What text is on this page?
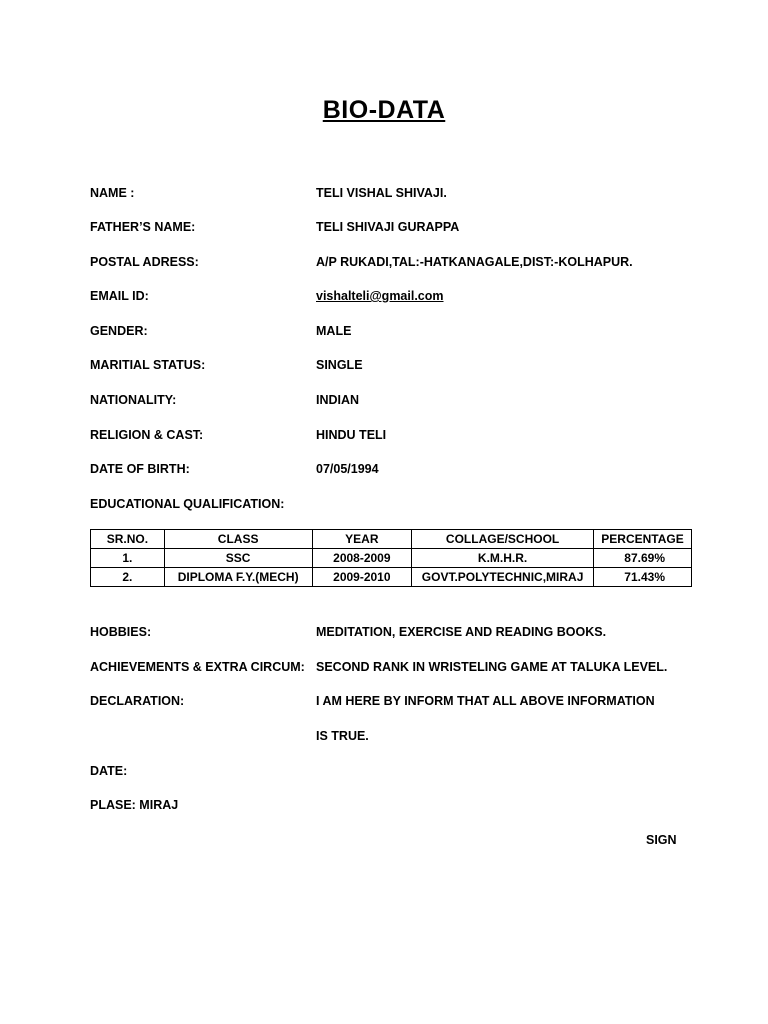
BIO-DATA
NAME :	TELI VISHAL SHIVAJI.
FATHER’S NAME:	TELI SHIVAJI GURAPPA
POSTAL ADRESS:	A/P RUKADI,TAL:-HATKANAGALE,DIST:-KOLHAPUR.
EMAIL ID:	vishalteli@gmail.com
GENDER:	MALE
MARITIAL STATUS:	SINGLE
NATIONALITY:	INDIAN
RELIGION & CAST:	HINDU TELI
DATE OF BIRTH:	07/05/1994
EDUCATIONAL QUALIFICATION:
SR.NO.	CLASS	YEAR	COLLAGE/SCHOOL	PERCENTAGE
1.	SSC	2008-2009	K.M.H.R.	87.69%
2.	DIPLOMA F.Y.(MECH)	2009-2010	GOVT.POLYTECHNIC,MIRAJ	71.43%
HOBBIES:	MEDITATION, EXERCISE AND READING BOOKS.
ACHIEVEMENTS & EXTRA CIRCUM: SECOND RANK IN WRISTELING GAME AT TALUKA LEVEL.
DECLARATION:	I AM HERE BY INFORM THAT ALL ABOVE INFORMATION
IS TRUE.
DATE:
PLASE: MIRAJ
SIGN
